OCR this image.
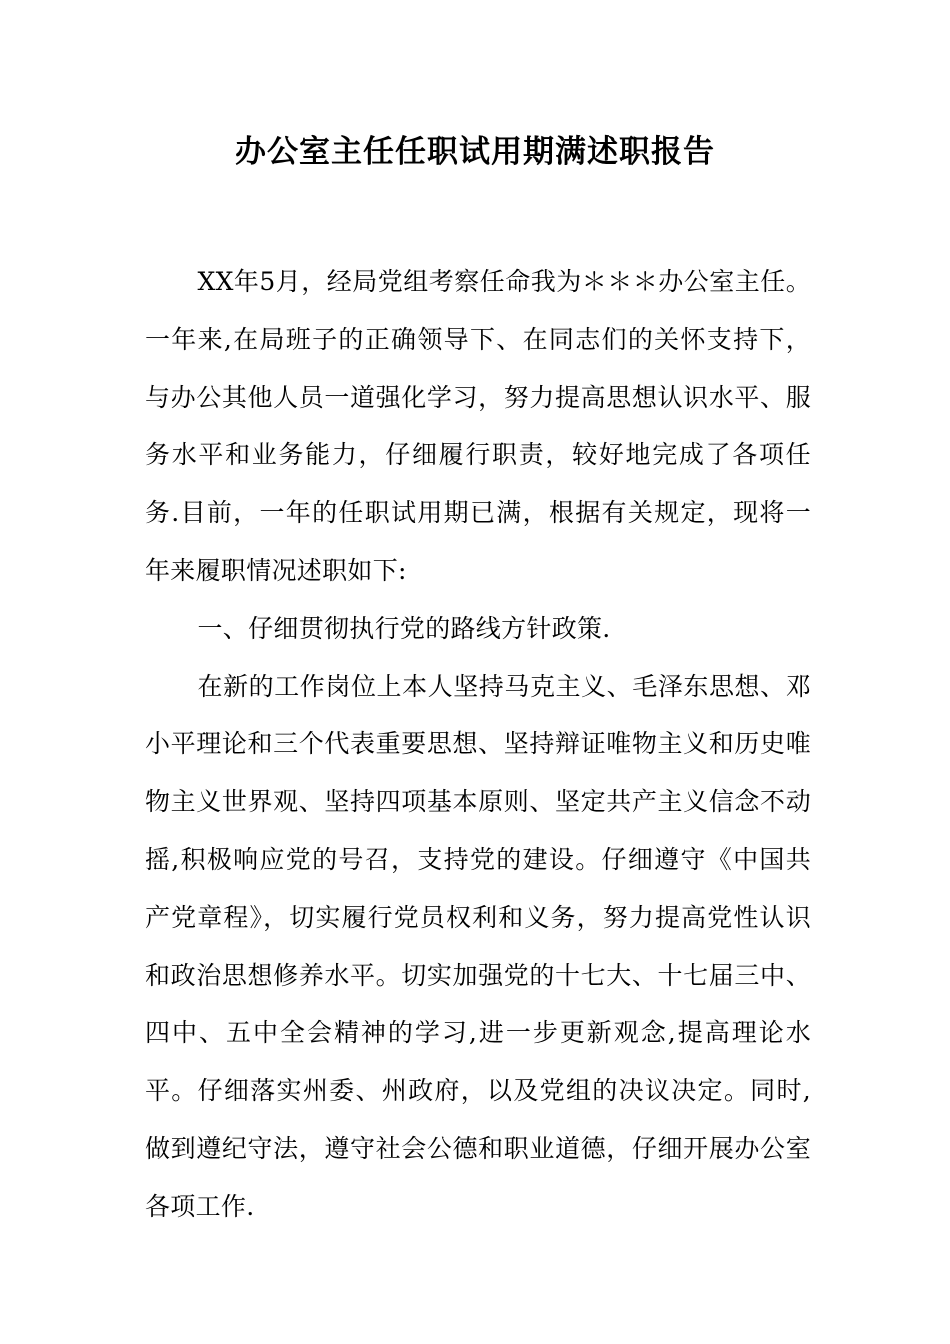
办公室主任任职试用期满述职报告

XX年5月，经局党组考察任命我为＊＊＊办公室主任。一年来,在局班子的正确领导下、在同志们的关怀支持下，与办公其他人员一道强化学习，努力提高思想认识水平、服务水平和业务能力，仔细履行职责，较好地完成了各项任务.目前，一年的任职试用期已满，根据有关规定，现将一年来履职情况述职如下:

一、仔细贯彻执行党的路线方针政策.

在新的工作岗位上本人坚持马克主义、毛泽东思想、邓小平理论和三个代表重要思想、坚持辩证唯物主义和历史唯物主义世界观、坚持四项基本原则、坚定共产主义信念不动摇,积极响应党的号召，支持党的建设。仔细遵守《中国共产党章程》，切实履行党员权利和义务，努力提高党性认识和政治思想修养水平。切实加强党的十七大、十七届三中、四中、五中全会精神的学习,进一步更新观念,提高理论水平。仔细落实州委、州政府，以及党组的决议决定。同时,做到遵纪守法，遵守社会公德和职业道德，仔细开展办公室各项工作.
